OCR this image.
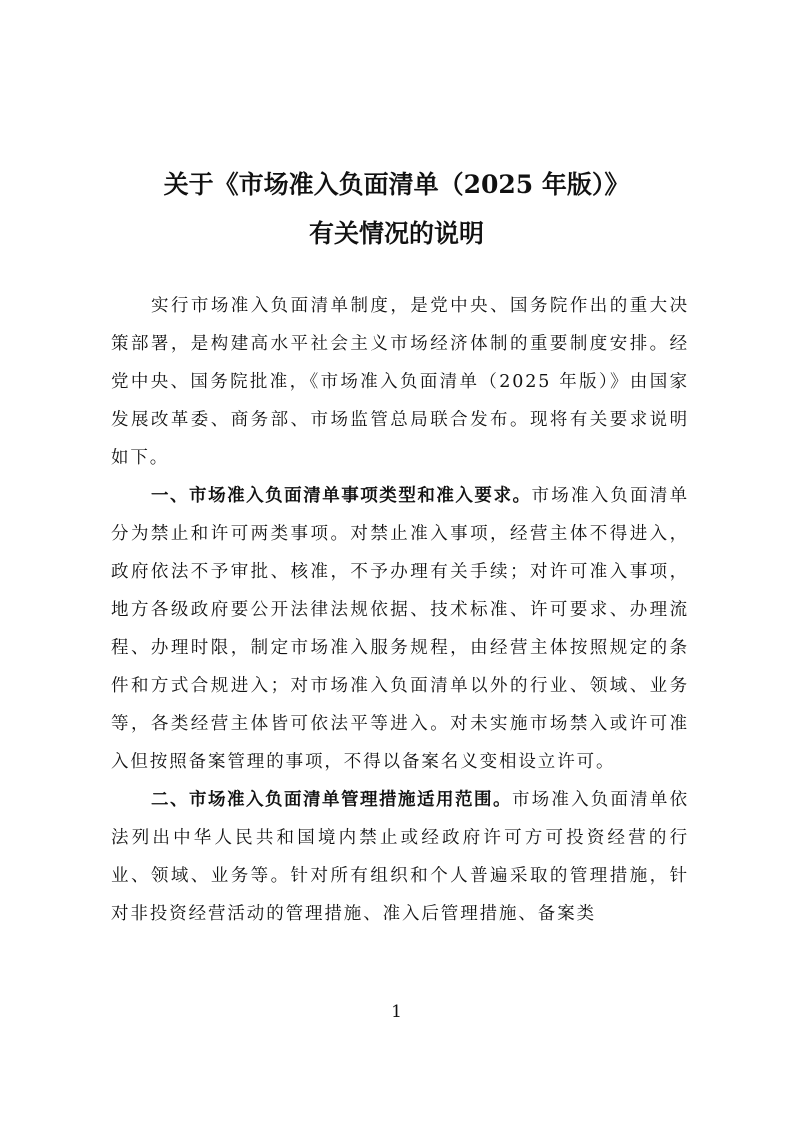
关于《市场准入负面清单（2025 年版）》
有关情况的说明

实行市场准入负面清单制度，是党中央、国务院作出的重大决策部署，是构建高水平社会主义市场经济体制的重要制度安排。经党中央、国务院批准，《市场准入负面清单（2025 年版）》由国家发展改革委、商务部、市场监管总局联合发布。现将有关要求说明如下。

一、市场准入负面清单事项类型和准入要求。市场准入负面清单分为禁止和许可两类事项。对禁止准入事项，经营主体不得进入，政府依法不予审批、核准，不予办理有关手续；对许可准入事项，地方各级政府要公开法律法规依据、技术标准、许可要求、办理流程、办理时限，制定市场准入服务规程，由经营主体按照规定的条件和方式合规进入；对市场准入负面清单以外的行业、领域、业务等，各类经营主体皆可依法平等进入。对未实施市场禁入或许可准入但按照备案管理的事项，不得以备案名义变相设立许可。

二、市场准入负面清单管理措施适用范围。市场准入负面清单依法列出中华人民共和国境内禁止或经政府许可方可投资经营的行业、领域、业务等。针对所有组织和个人普遍采取的管理措施，针对非投资经营活动的管理措施、准入后管理措施、备案类

1
